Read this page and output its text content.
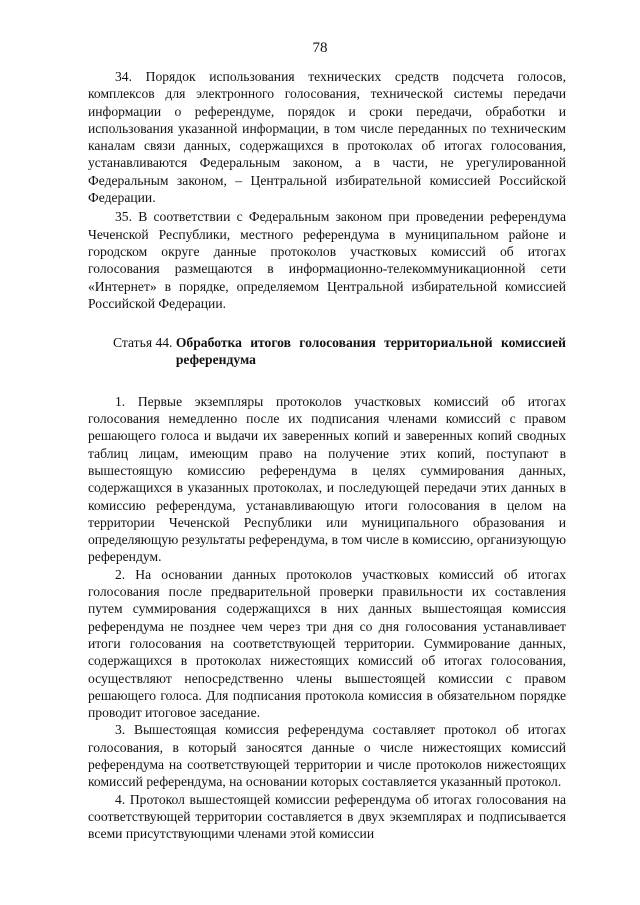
78

34. Порядок использования технических средств подсчета голосов, комплексов для электронного голосования, технической системы передачи информации о референдуме, порядок и сроки передачи, обработки и использования указанной информации, в том числе переданных по техническим каналам связи данных, содержащихся в протоколах об итогах голосования, устанавливаются Федеральным законом, а в части, не урегулированной Федеральным законом, – Центральной избирательной комиссией Российской Федерации.

35. В соответствии с Федеральным законом при проведении референдума Чеченской Республики, местного референдума в муниципальном районе и городском округе данные протоколов участковых комиссий об итогах голосования размещаются в информационно-телекоммуникационной сети «Интернет» в порядке, определяемом Центральной избирательной комиссией Российской Федерации.

Статья 44. Обработка итогов голосования территориальной комиссией референдума

1. Первые экземпляры протоколов участковых комиссий об итогах голосования немедленно после их подписания членами комиссий с правом решающего голоса и выдачи их заверенных копий и заверенных копий сводных таблиц лицам, имеющим право на получение этих копий, поступают в вышестоящую комиссию референдума в целях суммирования данных, содержащихся в указанных протоколах, и последующей передачи этих данных в комиссию референдума, устанавливающую итоги голосования в целом на территории Чеченской Республики или муниципального образования и определяющую результаты референдума, в том числе в комиссию, организующую референдум.

2. На основании данных протоколов участковых комиссий об итогах голосования после предварительной проверки правильности их составления путем суммирования содержащихся в них данных вышестоящая комиссия референдума не позднее чем через три дня со дня голосования устанавливает итоги голосования на соответствующей территории. Суммирование данных, содержащихся в протоколах нижестоящих комиссий об итогах голосования, осуществляют непосредственно члены вышестоящей комиссии с правом решающего голоса. Для подписания протокола комиссия в обязательном порядке проводит итоговое заседание.

3. Вышестоящая комиссия референдума составляет протокол об итогах голосования, в который заносятся данные о числе нижестоящих комиссий референдума на соответствующей территории и числе протоколов нижестоящих комиссий референдума, на основании которых составляется указанный протокол.

4. Протокол вышестоящей комиссии референдума об итогах голосования на соответствующей территории составляется в двух экземплярах и подписывается всеми присутствующими членами этой комиссии
